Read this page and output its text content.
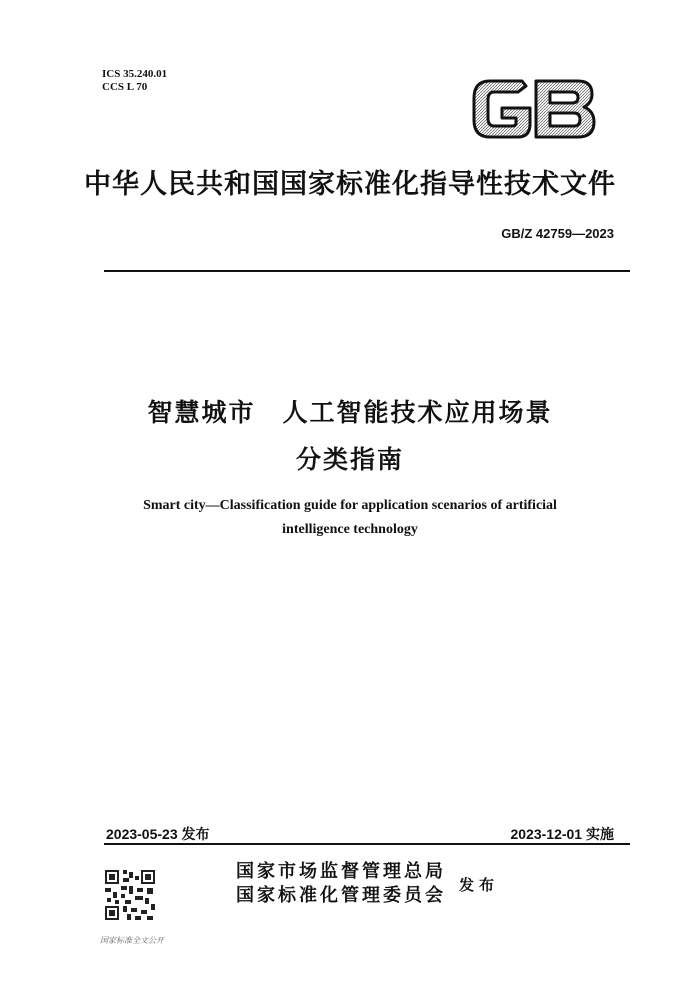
ICS 35.240.01
CCS L 70
中华人民共和国国家标准化指导性技术文件
GB/Z 42759—2023
智慧城市　人工智能技术应用场景
分类指南
Smart city—Classification guide for application scenarios of artificial
intelligence technology
2023-05-23 发布	2023-12-01 实施
国家标准全文公开
国家市场监督管理总局
国家标准化管理委员会 发布
